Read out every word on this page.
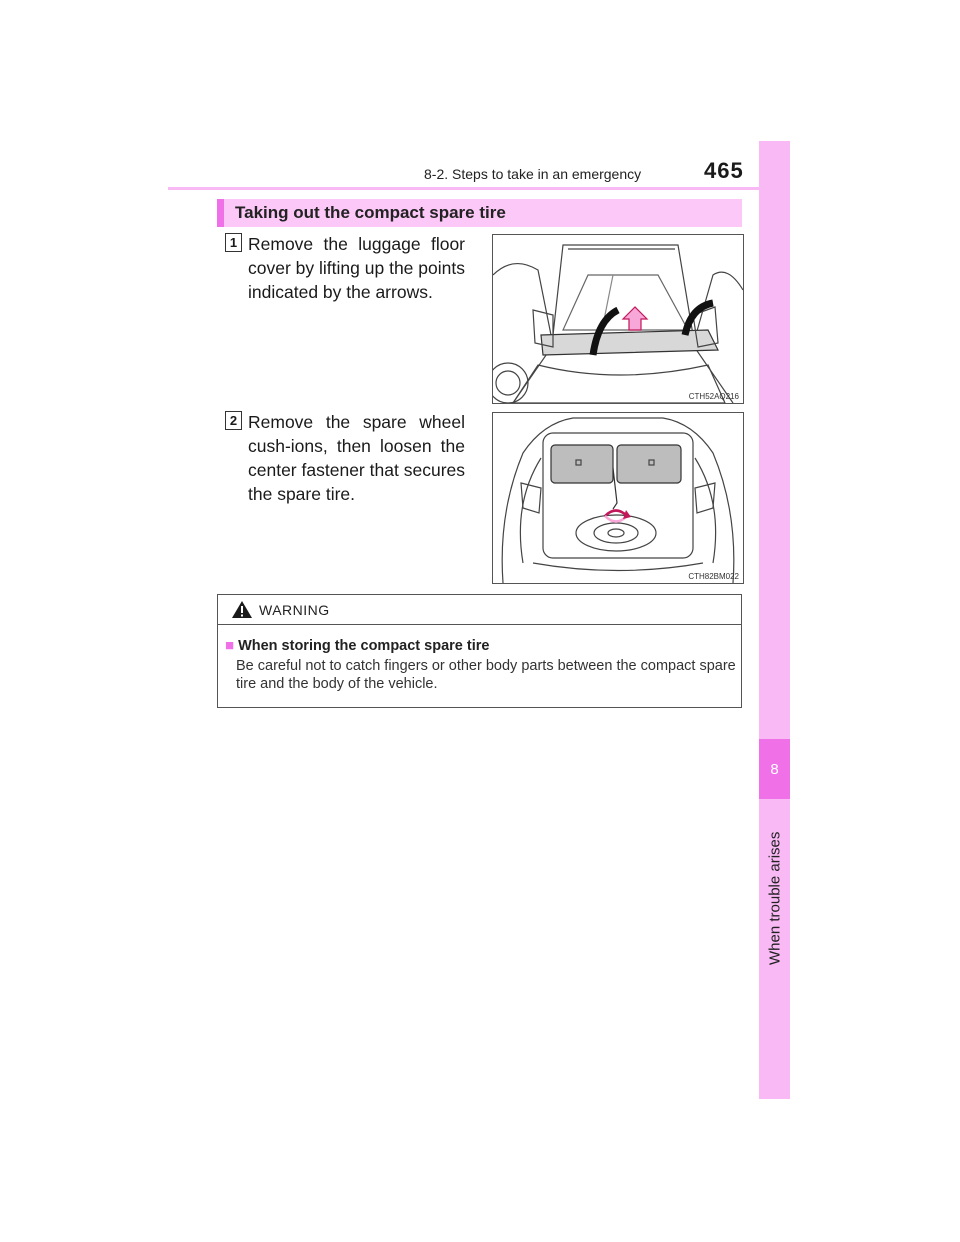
8
When trouble arises
8-2. Steps to take in an emergency	465
Taking out the compact spare tire
1 Remove the luggage floor cover by lifting up the points indicated by the arrows.
CTH52AQ216
2 Remove the spare wheel cush-ions, then loosen the center fastener that secures the spare tire.
CTH82BM022
WARNING
■ When storing the compact spare tire
Be careful not to catch fingers or other body parts between the compact spare tire and the body of the vehicle.
